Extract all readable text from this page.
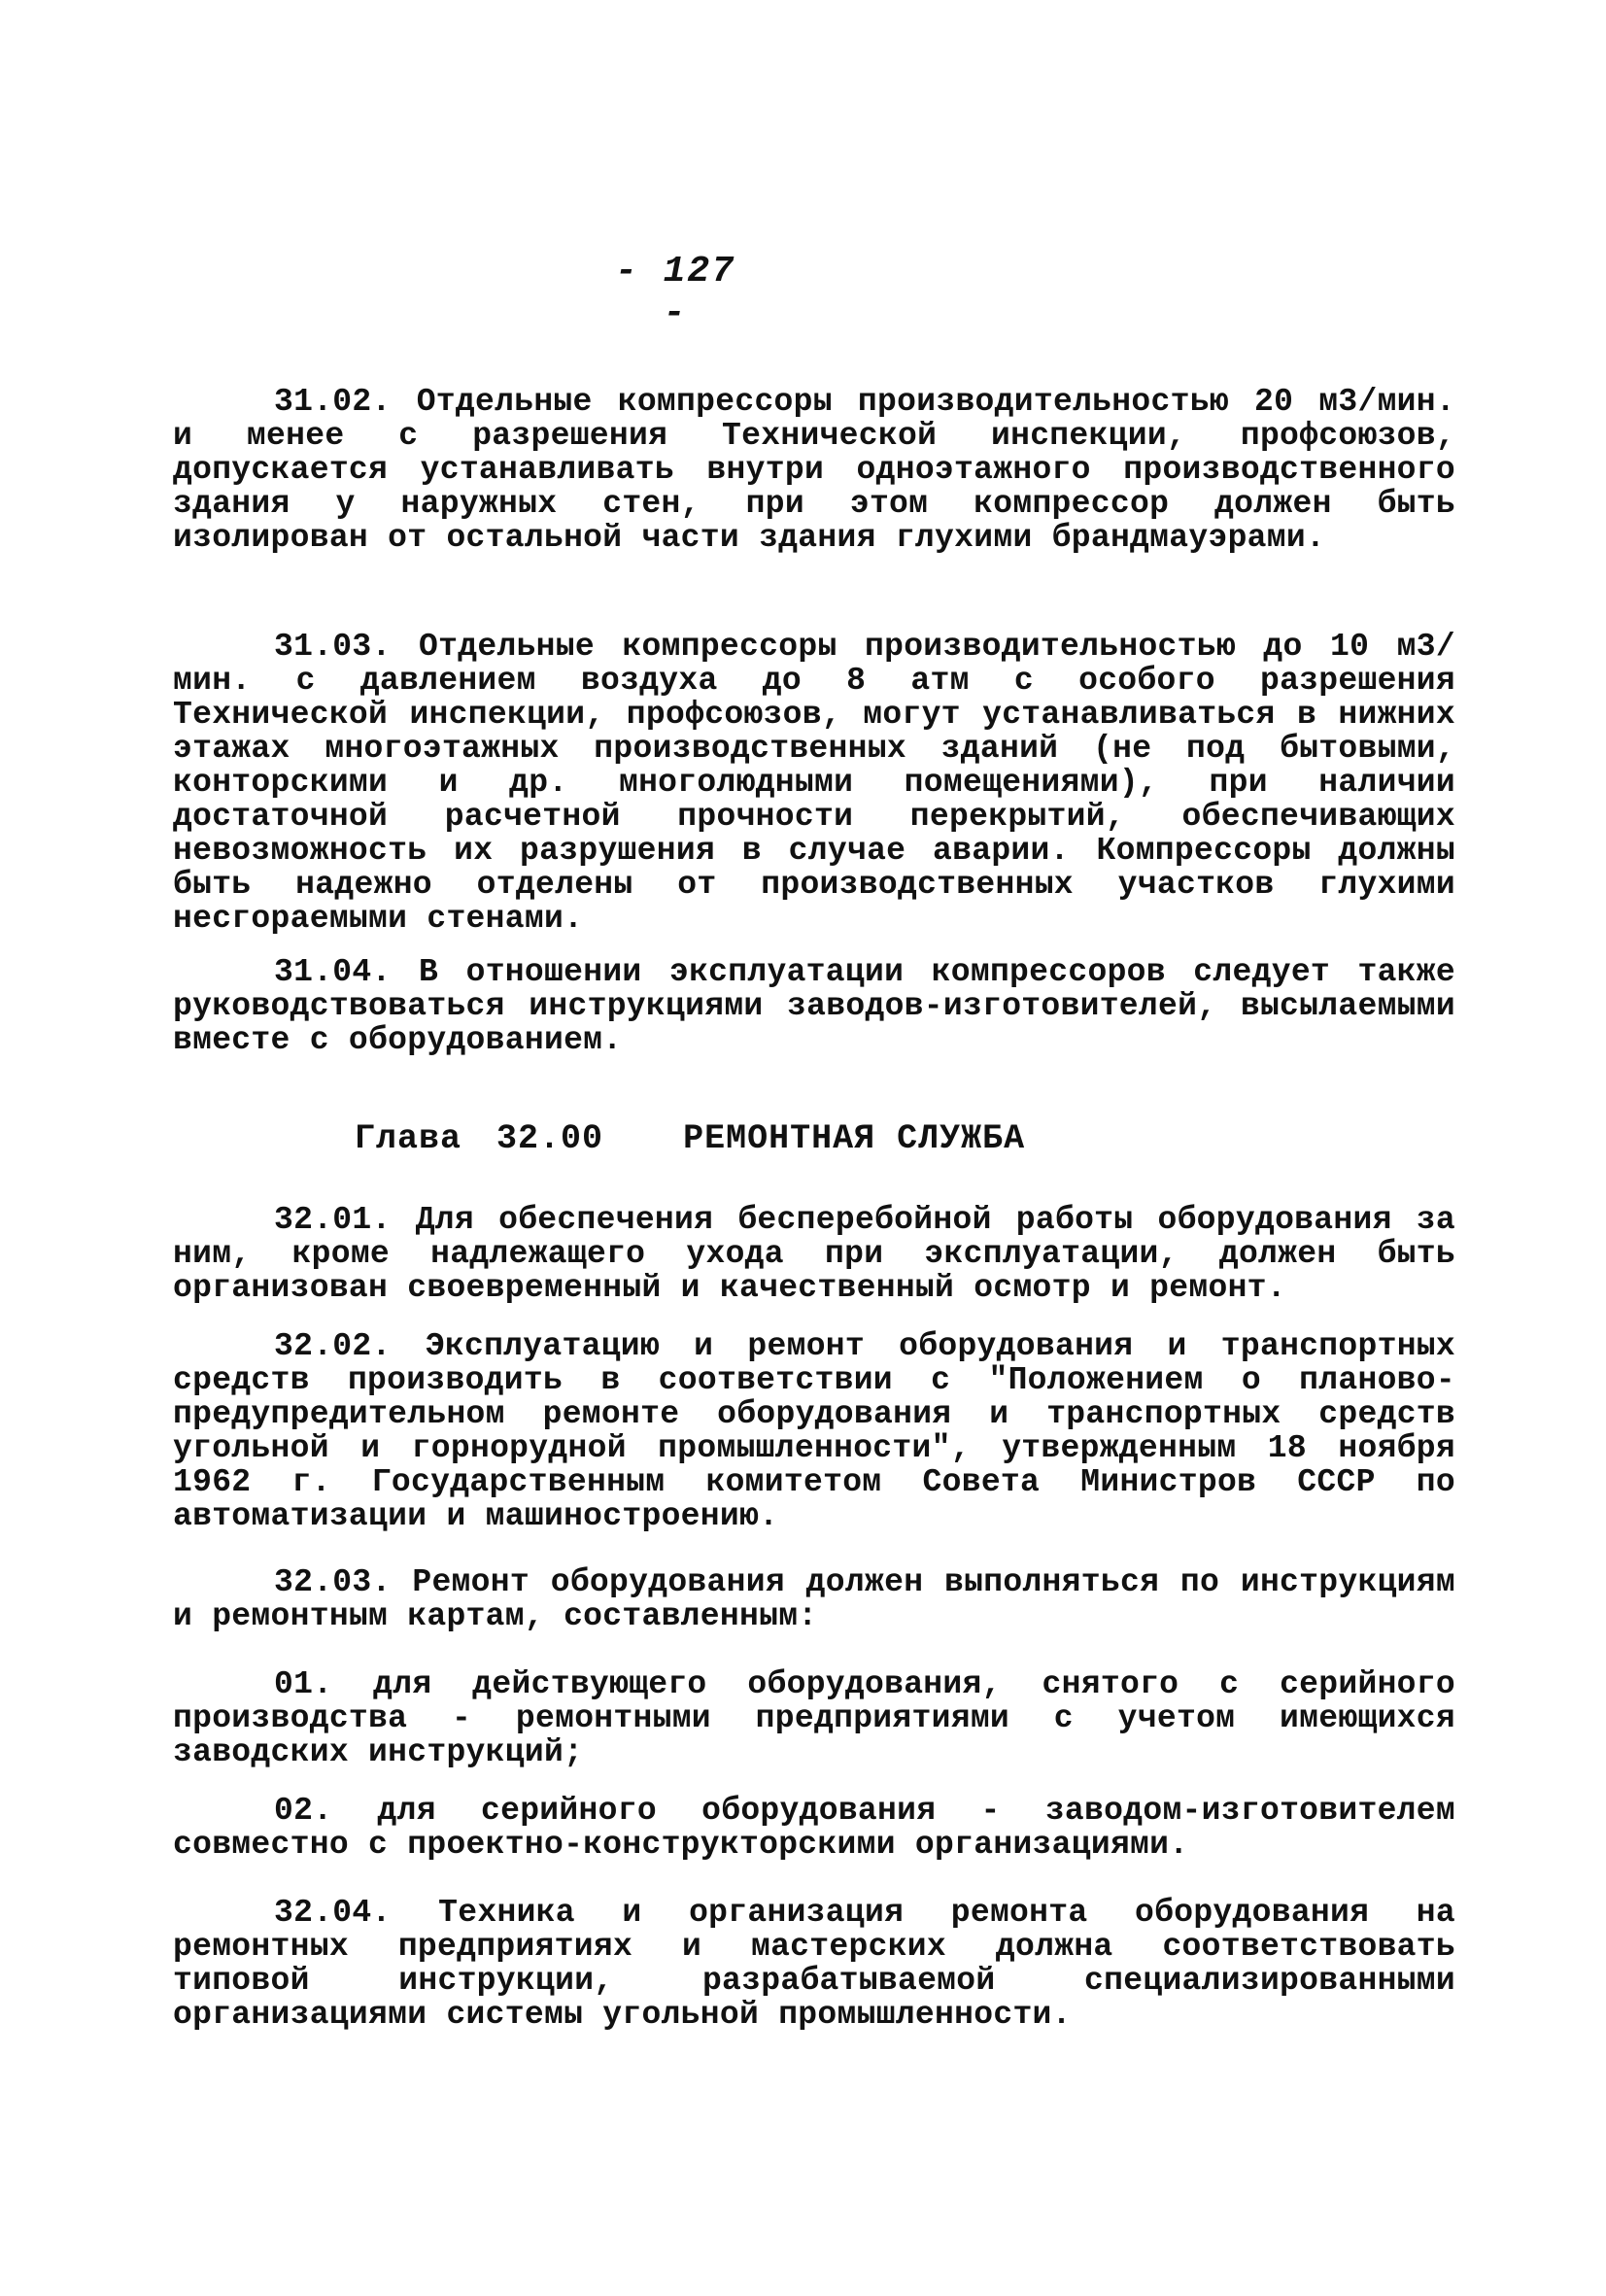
- 127 -

31.02. Отдельные компрессоры производительностью 20 м3/мин. и менее с разрешения Технической инспекции, профсоюзов, допускается устанавливать внутри одноэтажного производственного здания у наружных стен, при этом компрессор должен быть изолирован от остальной части здания глухими брандмауэрами.

31.03. Отдельные компрессоры производительностью до 10 м3/мин. с давлением воздуха до 8 атм с особого разрешения Технической инспекции, профсоюзов, могут устанавливаться в нижних этажах многоэтажных производственных зданий (не под бытовыми, конторскими и др. многолюдными помещениями), при наличии достаточной расчетной прочности перекрытий, обеспечивающих невозможность их разрушения в случае аварии. Компрессоры должны быть надежно отделены от производственных участков глухими несгораемыми стенами.

31.04. В отношении эксплуатации компрессоров следует также руководствоваться инструкциями заводов-изготовителей, высылаемыми вместе с оборудованием.

Глава 32.00 РЕМОНТНАЯ СЛУЖБА

32.01. Для обеспечения бесперебойной работы оборудования за ним, кроме надлежащего ухода при эксплуатации, должен быть организован своевременный и качественный осмотр и ремонт.

32.02. Эксплуатацию и ремонт оборудования и транспортных средств производить в соответствии с "Положением о планово-предупредительном ремонте оборудования и транспортных средств угольной и горнорудной промышленности", утвержденным 18 ноября 1962 г. Государственным комитетом Совета Министров СССР по автоматизации и машиностроению.

32.03. Ремонт оборудования должен выполняться по инструкциям и ремонтным картам, составленным:

01. для действующего оборудования, снятого с серийного производства - ремонтными предприятиями с учетом имеющихся заводских инструкций;

02. для серийного оборудования - заводом-изготовителем совместно с проектно-конструкторскими организациями.

32.04. Техника и организация ремонта оборудования на ремонтных предприятиях и мастерских должна соответствовать типовой инструкции, разрабатываемой специализированными организациями системы угольной промышленности.
